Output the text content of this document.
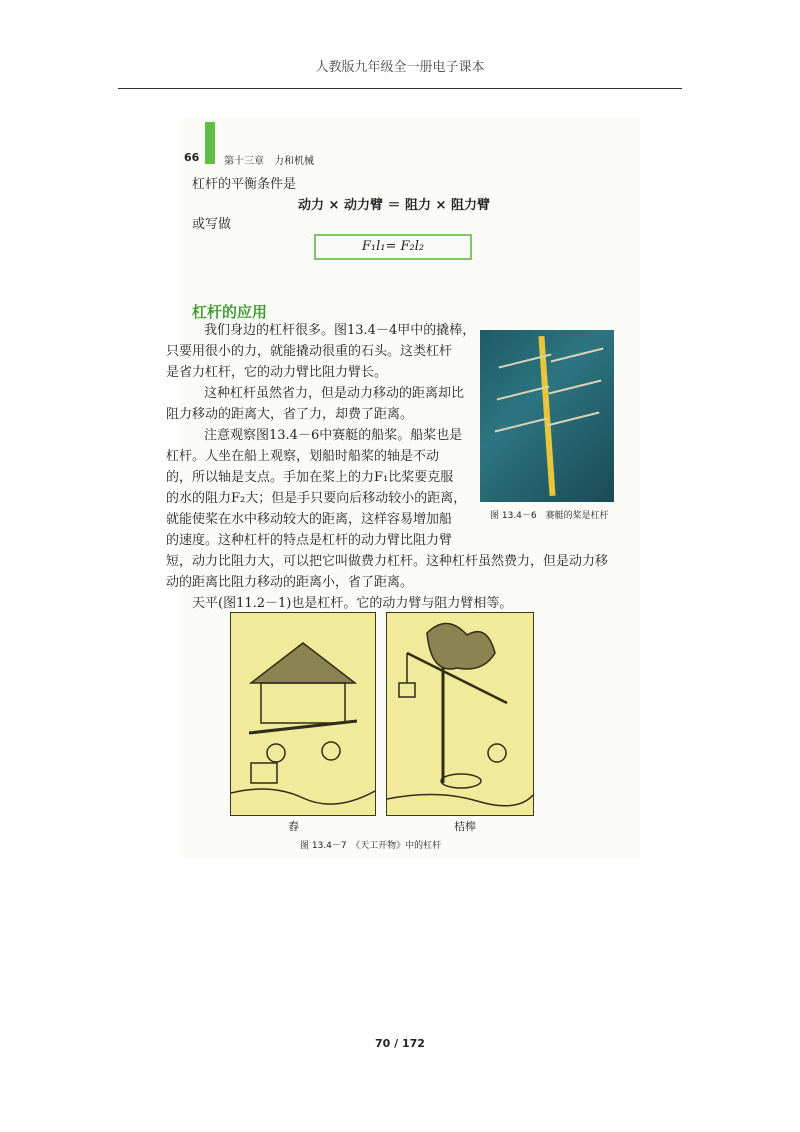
人教版九年级全一册电子课本
66 第十三章　力和机械
杠杆的平衡条件是
动力 × 动力臂 ＝ 阻力 × 阻力臂
或写做
F₁l₁= F₂l₂
杠杆的应用
我们身边的杠杆很多。图13.4－4甲中的撬棒，
只要用很小的力，就能撬动很重的石头。这类杠杆
是省力杠杆，它的动力臂比阻力臂长。
这种杠杆虽然省力，但是动力移动的距离却比
阻力移动的距离大，省了力，却费了距离。
注意观察图13.4－6中赛艇的船桨。船桨也是
杠杆。人坐在船上观察，划船时船桨的轴是不动
的，所以轴是支点。手加在桨上的力F₁比桨要克服
的水的阻力F₂大；但是手只要向后移动较小的距离，
就能使桨在水中移动较大的距离，这样容易增加船
的速度。这种杠杆的特点是杠杆的动力臂比阻力臂
短，动力比阻力大，可以把它叫做费力杠杆。这种杠杆虽然费力，但是动力移
动的距离比阻力移动的距离小，省了距离。
天平(图11.2－1)也是杠杆。它的动力臂与阻力臂相等。
图 13.4－6　赛艇的桨是杠杆
舂	桔槔
图 13.4－7　《天工开物》中的杠杆
70 / 172
